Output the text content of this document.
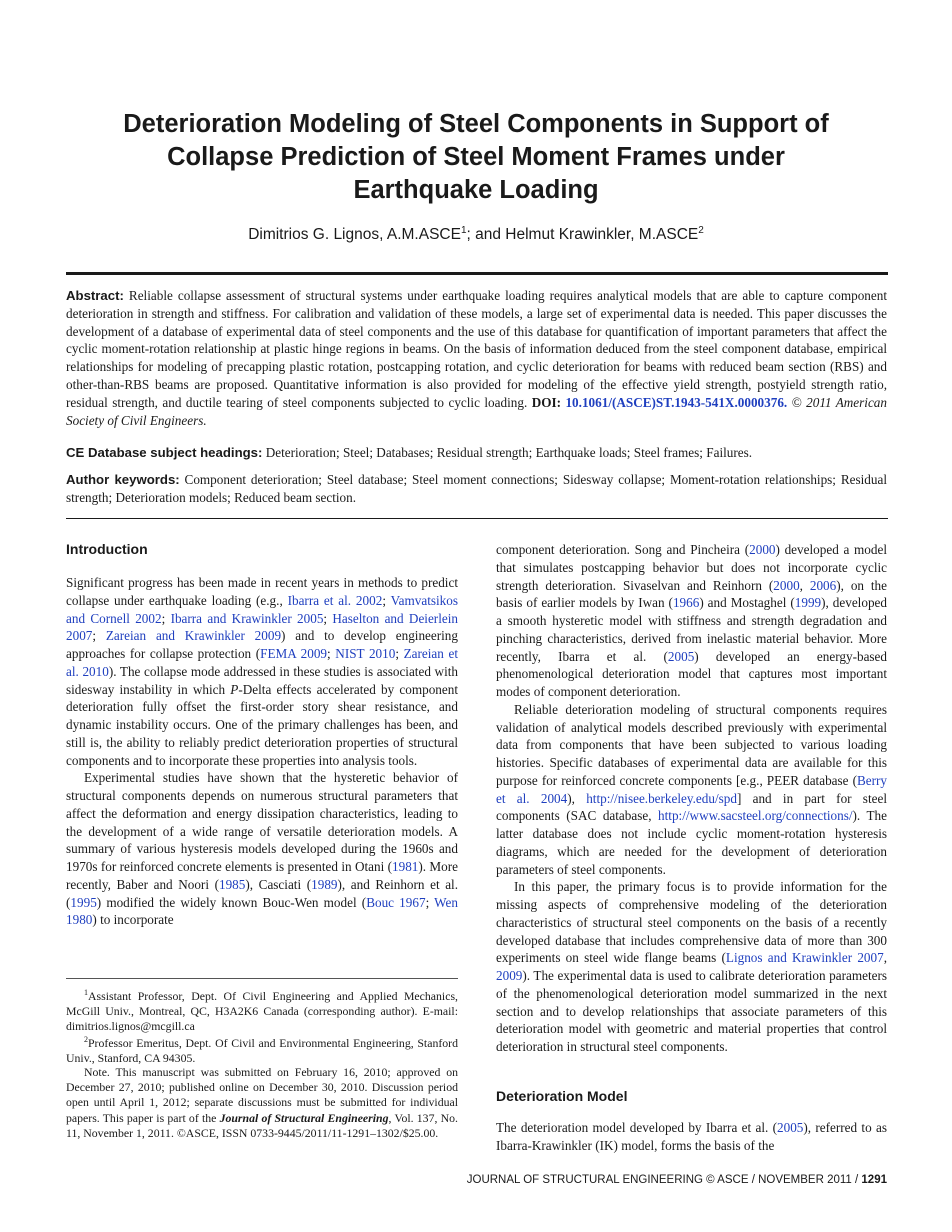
Deterioration Modeling of Steel Components in Support of
Collapse Prediction of Steel Moment Frames under
Earthquake Loading
Dimitrios G. Lignos, A.M.ASCE$^1$; and Helmut Krawinkler, M.ASCE$^2$
Abstract: Reliable collapse assessment of structural systems under earthquake loading requires analytical models that are able to capture component deterioration in strength and stiffness. For calibration and validation of these models, a large set of experimental data is needed. This paper discusses the development of a database of experimental data of steel components and the use of this database for quantification of important parameters that affect the cyclic moment-rotation relationship at plastic hinge regions in beams. On the basis of information deduced from the steel component database, empirical relationships for modeling of precapping plastic rotation, postcapping rotation, and cyclic deterioration for beams with reduced beam section (RBS) and other-than-RBS beams are proposed. Quantitative information is also provided for modeling of the effective yield strength, postyield strength ratio, residual strength, and ductile tearing of steel components subjected to cyclic loading. DOI: 10.1061/(ASCE)ST.1943-541X.0000376. © 2011 American Society of Civil Engineers.
CE Database subject headings: Deterioration; Steel; Databases; Residual strength; Earthquake loads; Steel frames; Failures.
Author keywords: Component deterioration; Steel database; Steel moment connections; Sidesway collapse; Moment-rotation relationships; Residual strength; Deterioration models; Reduced beam section.
Introduction

Significant progress has been made in recent years in methods to predict collapse under earthquake loading (e.g., Ibarra et al. 2002; Vamvatsikos and Cornell 2002; Ibarra and Krawinkler 2005; Haselton and Deierlein 2007; Zareian and Krawinkler 2009) and to develop engineering approaches for collapse protection (FEMA 2009; NIST 2010; Zareian et al. 2010). The collapse mode addressed in these studies is associated with sidesway instability in which P-Delta effects accelerated by component deterioration fully offset the first-order story shear resistance, and dynamic instability occurs. One of the primary challenges has been, and still is, the ability to reliably predict deterioration properties of structural components and to incorporate these properties into analysis tools.

Experimental studies have shown that the hysteretic behavior of structural components depends on numerous structural parameters that affect the deformation and energy dissipation characteristics, leading to the development of a wide range of versatile deterioration models. A summary of various hysteresis models developed during the 1960s and 1970s for reinforced concrete elements is presented in Otani (1981). More recently, Baber and Noori (1985), Casciati (1989), and Reinhorn et al. (1995) modified the widely known Bouc-Wen model (Bouc 1967; Wen 1980) to incorporate

$^1$Assistant Professor, Dept. Of Civil Engineering and Applied Mechanics, McGill Univ., Montreal, QC, H3A2K6 Canada (corresponding author). E-mail: dimitrios.lignos@mcgill.ca

$^2$Professor Emeritus, Dept. Of Civil and Environmental Engineering, Stanford Univ., Stanford, CA 94305.

Note. This manuscript was submitted on February 16, 2010; approved on December 27, 2010; published online on December 30, 2010. Discussion period open until April 1, 2012; separate discussions must be submitted for individual papers. This paper is part of the Journal of Structural Engineering, Vol. 137, No. 11, November 1, 2011. ©ASCE, ISSN 0733-9445/2011/11-1291–1302/$25.00.

component deterioration. Song and Pincheira (2000) developed a model that simulates postcapping behavior but does not incorporate cyclic strength deterioration. Sivaselvan and Reinhorn (2000, 2006), on the basis of earlier models by Iwan (1966) and Mostaghel (1999), developed a smooth hysteretic model with stiffness and strength degradation and pinching characteristics, derived from inelastic material behavior. More recently, Ibarra et al. (2005) developed an energy-based phenomenological deterioration model that captures most important modes of component deterioration.

Reliable deterioration modeling of structural components requires validation of analytical models described previously with experimental data from components that have been subjected to various loading histories. Specific databases of experimental data are available for this purpose for reinforced concrete components [e.g., PEER database (Berry et al. 2004), http://nisee.berkeley.edu/spd] and in part for steel components (SAC database, http://www.sacsteel.org/connections/). The latter database does not include cyclic moment-rotation hysteresis diagrams, which are needed for the development of deterioration parameters of steel components.

In this paper, the primary focus is to provide information for the missing aspects of comprehensive modeling of the deterioration characteristics of structural steel components on the basis of a recently developed database that includes comprehensive data of more than 300 experiments on steel wide flange beams (Lignos and Krawinkler 2007, 2009). The experimental data is used to calibrate deterioration parameters of the phenomenological deterioration model summarized in the next section and to develop relationships that associate parameters of this deterioration model with geometric and material properties that control deterioration in structural steel components.

Deterioration Model

The deterioration model developed by Ibarra et al. (2005), referred to as Ibarra-Krawinkler (IK) model, forms the basis of the

JOURNAL OF STRUCTURAL ENGINEERING © ASCE / NOVEMBER 2011 / 1291
